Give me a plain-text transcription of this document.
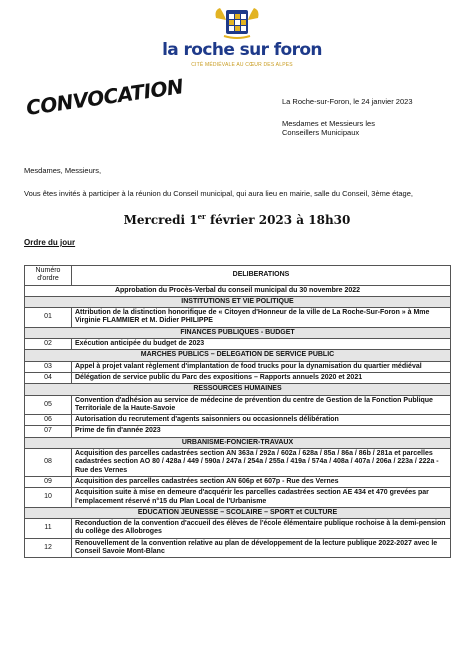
la roche sur foron
CITÉ MÉDIÉVALE AU CŒUR DES ALPES
CONVOCATION	La Roche-sur-Foron, le 24 janvier 2023
Mesdames et Messieurs les
Conseillers Municipaux
Mesdames, Messieurs,
Vous êtes invités à participer à la réunion du Conseil municipal, qui aura lieu en mairie, salle du Conseil, 3ème étage,
Mercredi 1er février 2023 à 18h30
Ordre du jour
Numéro d'ordre	DELIBERATIONS
Approbation du Procès-Verbal du conseil municipal du 30 novembre 2022	
INSTITUTIONS ET VIE POLITIQUE	
01	Attribution de la distinction honorifique de « Citoyen d'Honneur de la ville de La Roche-Sur-Foron » à Mme Virginie FLAMMIER et M. Didier PHILIPPE
FINANCES PUBLIQUES - BUDGET	
02	Exécution anticipée du budget de 2023
MARCHES PUBLICS – DELEGATION DE SERVICE PUBLIC	
03	Appel à projet valant règlement d'implantation de food trucks pour la dynamisation du quartier médiéval
04	Délégation de service public du Parc des expositions – Rapports annuels 2020 et 2021
RESSOURCES HUMAINES	
05	Convention d'adhésion au service de médecine de prévention du centre de Gestion de la Fonction Publique Territoriale de la Haute-Savoie
06	Autorisation du recrutement d'agents saisonniers ou occasionnels délibération
07	Prime de fin d'année 2023
URBANISME-FONCIER-TRAVAUX	
08	Acquisition des parcelles cadastrées section AN 363a / 292a / 602a / 628a / 85a / 86a / 86b / 281a et parcelles cadastrées section AO 80 / 428a / 449 / 590a / 247a / 254a / 255a / 419a / 574a / 408a / 407a / 206a / 223a / 222a - Rue des Vernes
09	Acquisition des parcelles cadastrées section AN 606p et 607p - Rue des Vernes
10	Acquisition suite à mise en demeure d'acquérir les parcelles cadastrées section AE 434 et 470 grevées par l'emplacement réservé n°15 du Plan Local de l'Urbanisme
EDUCATION JEUNESSE – SCOLAIRE – SPORT et CULTURE	
11	Reconduction de la convention d'accueil des élèves de l'école élémentaire publique rochoise à la demi-pension du collège des Allobroges
12	Renouvellement de la convention relative au plan de développement de la lecture publique 2022-2027 avec le Conseil Savoie Mont-Blanc
